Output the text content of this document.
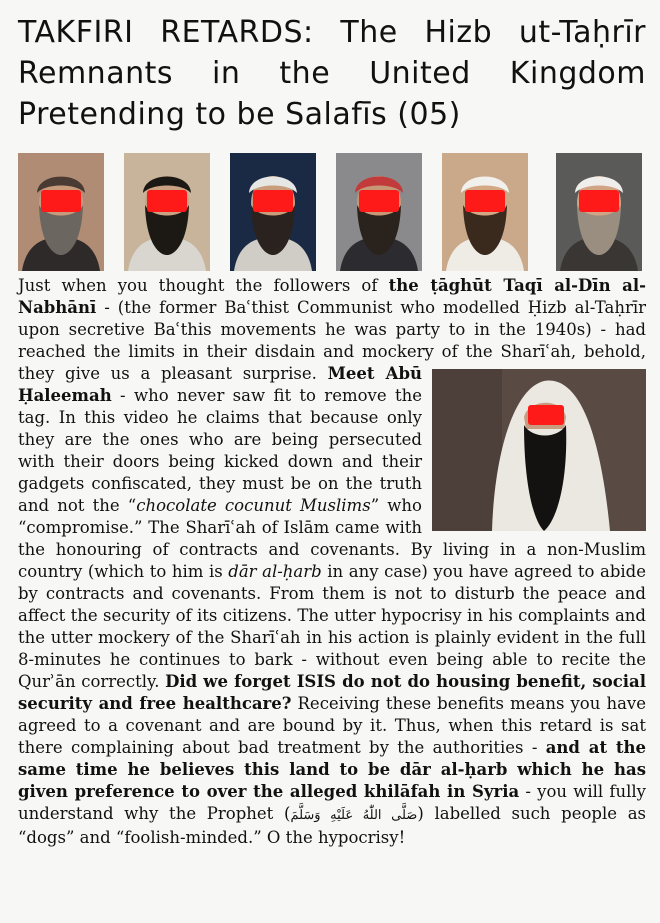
TAKFIRI RETARDS: The Hizb ut-Taḥrīr Remnants in the United Kingdom Pretending to be Salafīs (05)

Just when you thought the followers of the ṭāghūt Taqī al-Dīn al-Nabhānī - (the former Baʿthist Communist who modelled Ḥizb al-Taḥrīr upon secretive Baʿthis movements he was party to in the 1940s) - had reached the limits in their disdain and mockery of the Sharīʿah, behold, they give us a pleasant surprise.
Meet Abū Ḥaleemah - who never saw fit to remove the tag. In this video he claims that because only they are the ones who are being persecuted with their doors being kicked down and their gadgets confiscated, they must be on the truth and not the “chocolate cocunut Muslims” who “compromise.” The Sharīʿah of Islām came with the honouring of contracts and covenants. By living in a non-Muslim country (which to him is dār al-ḥarb in any case) you have agreed to abide by contracts and covenants. From them is not to disturb the peace and affect the security of its citizens. The utter hypocrisy in his complaints and the utter mockery of the Sharīʿah in his action is plainly evident in the full 8-minutes he continues to bark - without even being able to recite the Qurʾān correctly. Did we forget ISIS do not do housing benefit, social security and free healthcare? Receiving these benefits means you have agreed to a covenant and are bound by it. Thus, when this retard is sat there complaining about bad treatment by the authorities - and at the same time he believes this land to be dār al-ḥarb which he has given preference to over the alleged khilāfah in Syria - you will fully understand why the Prophet (صَلَّى اللّٰهُ عَلَيْهِ وَسَلَّمَ) labelled such people as “dogs” and “foolish-minded.” O the hypocrisy!
